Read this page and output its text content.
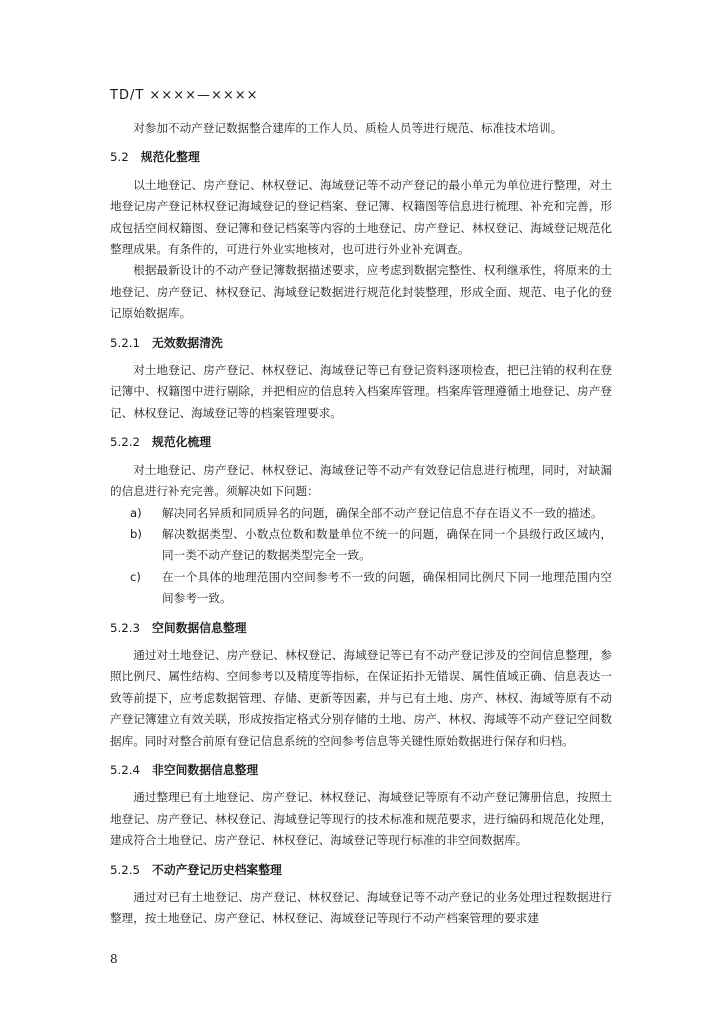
TD/T ××××—××××

对参加不动产登记数据整合建库的工作人员、质检人员等进行规范、标准技术培训。

5.2 规范化整理

以土地登记、房产登记、林权登记、海域登记等不动产登记的最小单元为单位进行整理，对土地登记房产登记林权登记海域登记的登记档案、登记簿、权籍图等信息进行梳理、补充和完善，形成包括空间权籍图、登记簿和登记档案等内容的土地登记、房产登记、林权登记、海域登记规范化整理成果。有条件的，可进行外业实地核对，也可进行外业补充调查。

根据最新设计的不动产登记簿数据描述要求，应考虑到数据完整性、权利继承性，将原来的土地登记、房产登记、林权登记、海域登记数据进行规范化封装整理，形成全面、规范、电子化的登记原始数据库。

5.2.1 无效数据清洗

对土地登记、房产登记、林权登记、海域登记等已有登记资料逐项检查，把已注销的权利在登记簿中、权籍图中进行剔除，并把相应的信息转入档案库管理。档案库管理遵循土地登记、房产登记、林权登记、海域登记等的档案管理要求。

5.2.2 规范化梳理

对土地登记、房产登记、林权登记、海域登记等不动产有效登记信息进行梳理，同时，对缺漏的信息进行补充完善。须解决如下问题：

a)	解决同名异质和同质异名的问题，确保全部不动产登记信息不存在语义不一致的描述。
b)	解决数据类型、小数点位数和数量单位不统一的问题，确保在同一个县级行政区域内，同一类不动产登记的数据类型完全一致。
c)	在一个具体的地理范围内空间参考不一致的问题，确保相同比例尺下同一地理范围内空间参考一致。
5.2.3 空间数据信息整理

通过对土地登记、房产登记、林权登记、海域登记等已有不动产登记涉及的空间信息整理，参照比例尺、属性结构、空间参考以及精度等指标，在保证拓扑无错误、属性值域正确、信息表达一致等前提下，应考虑数据管理、存储、更新等因素，并与已有土地、房产、林权、海域等原有不动产登记簿建立有效关联，形成按指定格式分别存储的土地、房产、林权、海域等不动产登记空间数据库。同时对整合前原有登记信息系统的空间参考信息等关键性原始数据进行保存和归档。

5.2.4 非空间数据信息整理

通过整理已有土地登记、房产登记、林权登记、海域登记等原有不动产登记簿册信息，按照土地登记、房产登记、林权登记、海域登记等现行的技术标准和规范要求，进行编码和规范化处理，建成符合土地登记、房产登记、林权登记、海域登记等现行标准的非空间数据库。

5.2.5 不动产登记历史档案整理

通过对已有土地登记、房产登记、林权登记、海域登记等不动产登记的业务处理过程数据进行整理，按土地登记、房产登记、林权登记、海域登记等现行不动产档案管理的要求建

8
